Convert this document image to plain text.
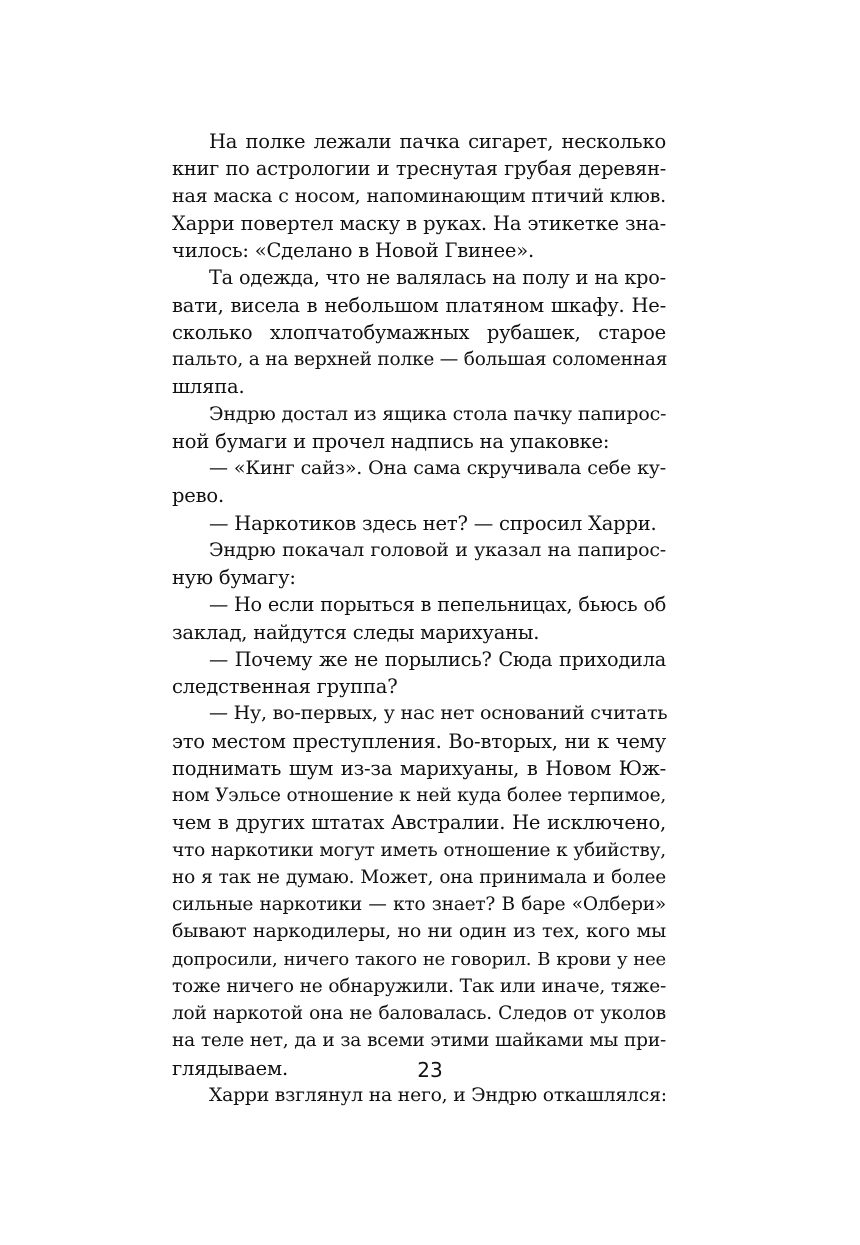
На полке лежали пачка сигарет, несколько
книг по астрологии и треснутая грубая деревян-
ная маска с носом, напоминающим птичий клюв.
Харри повертел маску в руках. На этикетке зна-
чилось: «Сделано в Новой Гвинее».
Та одежда, что не валялась на полу и на кро-
вати, висела в небольшом платяном шкафу. Не-
сколько хлопчатобумажных рубашек, старое
пальто, а на верхней полке — большая соломенная
шляпа.
Эндрю достал из ящика стола пачку папирос-
ной бумаги и прочел надпись на упаковке:
— «Кинг сайз». Она сама скручивала себе ку-
рево.
— Наркотиков здесь нет? — спросил Харри.
Эндрю покачал головой и указал на папирос-
ную бумагу:
— Но если порыться в пепельницах, бьюсь об
заклад, найдутся следы марихуаны.
— Почему же не порылись? Сюда приходила
следственная группа?
— Ну, во-первых, у нас нет оснований считать
это местом преступления. Во-вторых, ни к чему
поднимать шум из-за марихуаны, в Новом Юж-
ном Уэльсе отношение к ней куда более терпимое,
чем в других штатах Австралии. Не исключено,
что наркотики могут иметь отношение к убийству,
но я так не думаю. Может, она принимала и более
сильные наркотики — кто знает? В баре «Олбери»
бывают наркодилеры, но ни один из тех, кого мы
допросили, ничего такого не говорил. В крови у нее
тоже ничего не обнаружили. Так или иначе, тяже-
лой наркотой она не баловалась. Следов от уколов
на теле нет, да и за всеми этими шайками мы при-
глядываем.
Харри взглянул на него, и Эндрю откашлялся:
23
